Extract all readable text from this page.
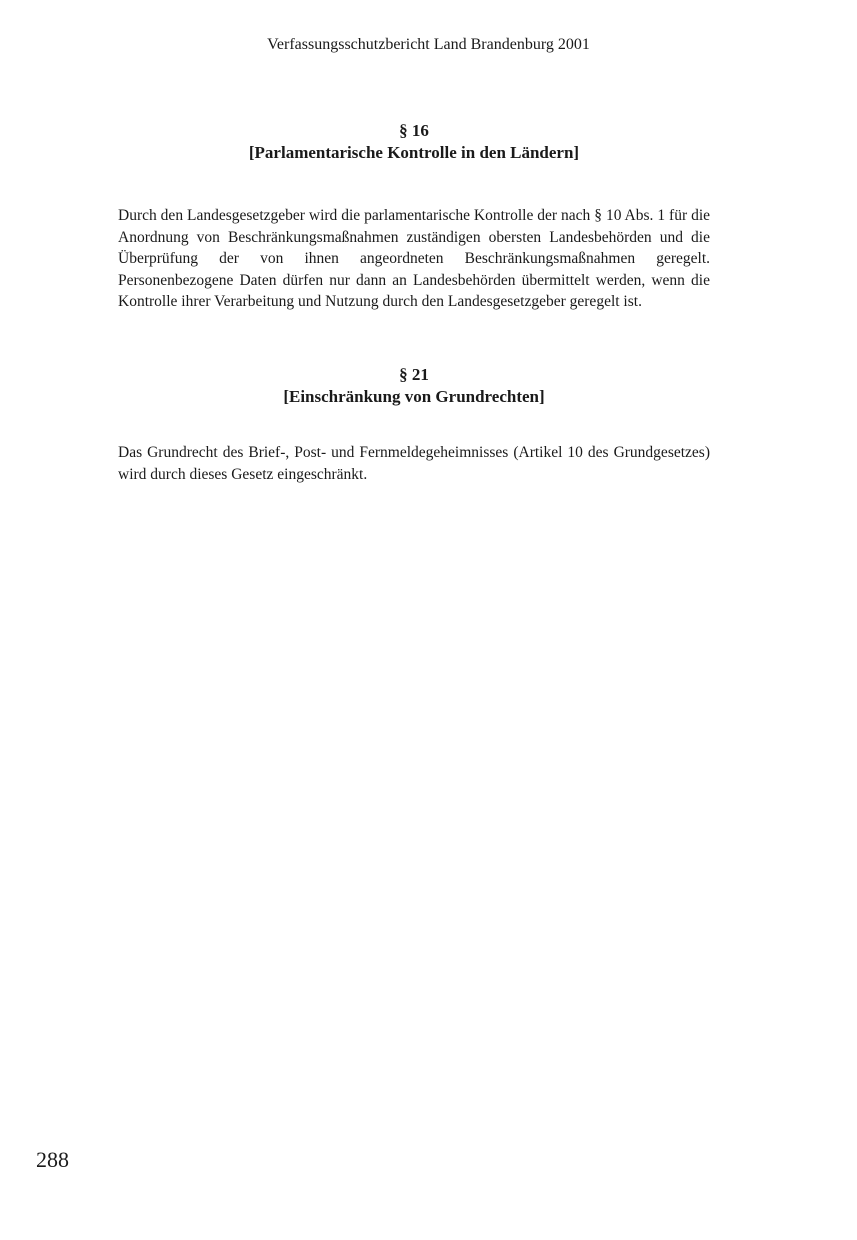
Verfassungsschutzbericht Land Brandenburg 2001

§ 16

[Parlamentarische Kontrolle in den Ländern]

Durch den Landesgesetzgeber wird die parlamentarische Kontrolle der nach § 10 Abs. 1 für die Anordnung von Beschränkungsmaßnahmen zuständigen obersten Landesbehörden und die Überprüfung der von ihnen angeordneten Beschränkungsmaßnahmen geregelt. Personenbezogene Daten dürfen nur dann an Landesbehörden übermittelt werden, wenn die Kontrolle ihrer Verarbeitung und Nutzung durch den Landesgesetzgeber geregelt ist.

§ 21

[Einschränkung von Grundrechten]

Das Grundrecht des Brief-, Post- und Fernmeldegeheimnisses (Artikel 10 des Grundgesetzes) wird durch dieses Gesetz eingeschränkt.

288
